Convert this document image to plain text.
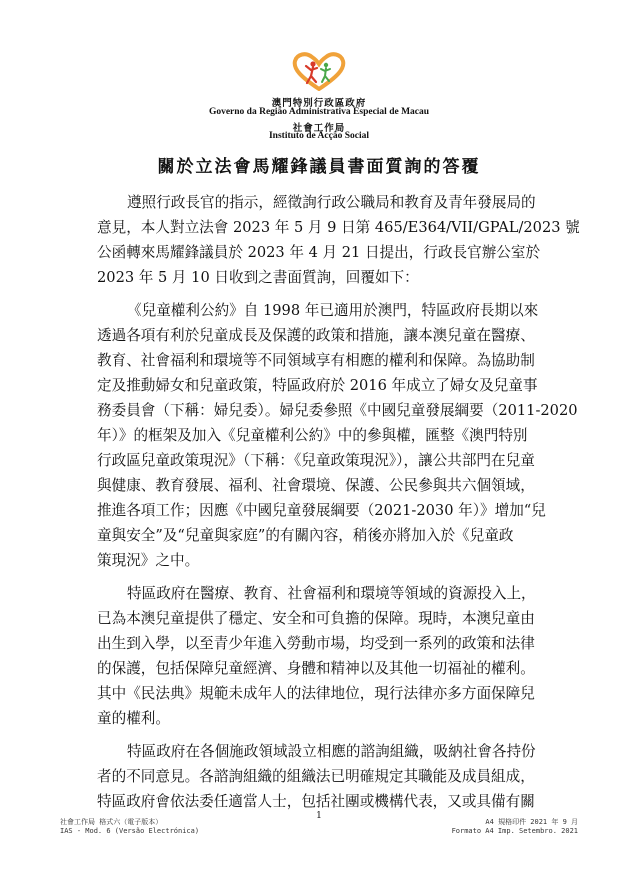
澳門特別行政區政府
Governo da Região Administrativa Especial de Macau
社會工作局
Instituto de Acção Social
關於立法會馬耀鋒議員書面質詢的答覆
遵照行政長官的指示，經徵詢行政公職局和教育及青年發展局的
意見，本人對立法會 2023 年 5 月 9 日第 465/E364/VII/GPAL/2023 號
公函轉來馬耀鋒議員於 2023 年 4 月 21 日提出，行政長官辦公室於
2023 年 5 月 10 日收到之書面質詢，回覆如下：
《兒童權利公約》自 1998 年已適用於澳門，特區政府長期以來
透過各項有利於兒童成長及保護的政策和措施，讓本澳兒童在醫療、
教育、社會福利和環境等不同領域享有相應的權利和保障。為協助制
定及推動婦女和兒童政策，特區政府於 2016 年成立了婦女及兒童事
務委員會（下稱：婦兒委）。婦兒委參照《中國兒童發展綱要（2011-2020
年）》的框架及加入《兒童權利公約》中的參與權，匯整《澳門特別
行政區兒童政策現況》（下稱：《兒童政策現況》），讓公共部門在兒童
與健康、教育發展、福利、社會環境、保護、公民參與共六個領域，
推進各項工作；因應《中國兒童發展綱要（2021-2030 年）》增加“兒
童與安全”及“兒童與家庭”的有關內容，稍後亦將加入於《兒童政
策現況》之中。
特區政府在醫療、教育、社會福利和環境等領域的資源投入上，
已為本澳兒童提供了穩定、安全和可負擔的保障。現時，本澳兒童由
出生到入學，以至青少年進入勞動市場，均受到一系列的政策和法律
的保護，包括保障兒童經濟、身體和精神以及其他一切福祉的權利。
其中《民法典》規範未成年人的法律地位，現行法律亦多方面保障兒
童的權利。
特區政府在各個施政領域設立相應的諮詢組織，吸納社會各持份
者的不同意見。各諮詢組織的組織法已明確規定其職能及成員組成，
特區政府會依法委任適當人士，包括社團或機構代表，又或具備有關
1
社會工作局 格式六（電子版本）
IAS - Mod. 6 (Versão Electrónica)
A4 規格印件 2021 年 9 月
Formato A4 Imp. Setembro. 2021
